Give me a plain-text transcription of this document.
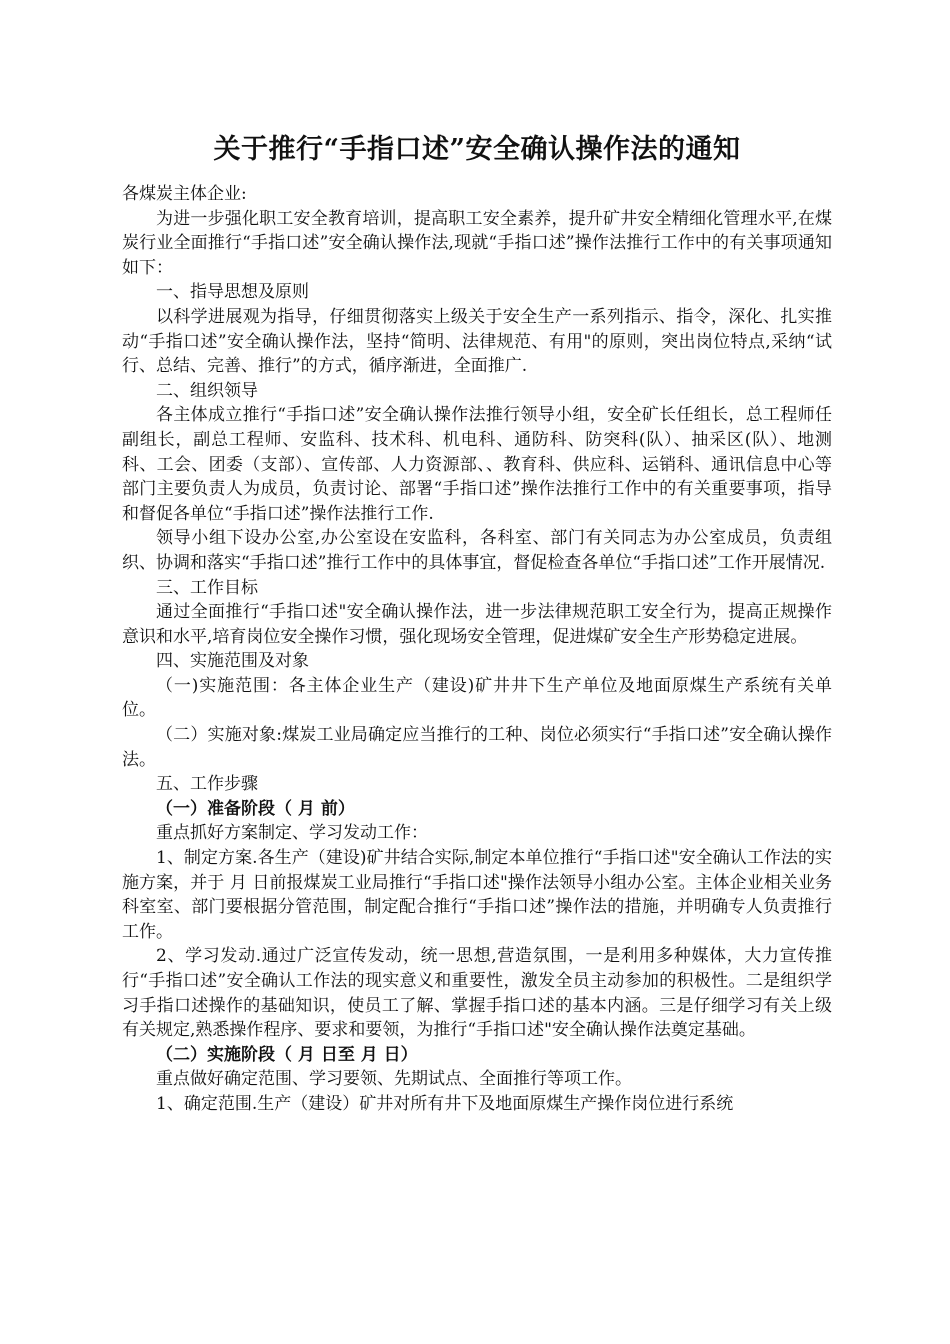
关于推行“手指口述”安全确认操作法的通知

各煤炭主体企业:

为进一步强化职工安全教育培训，提高职工安全素养，提升矿井安全精细化管理水平,在煤炭行业全面推行“手指口述”安全确认操作法,现就“手指口述”操作法推行工作中的有关事项通知如下：

一、指导思想及原则

以科学进展观为指导，仔细贯彻落实上级关于安全生产一系列指示、指令，深化、扎实推动“手指口述”安全确认操作法，坚持“简明、法律规范、有用"的原则，突出岗位特点,采纳“试行、总结、完善、推行”的方式，循序渐进，全面推广.

二、组织领导

各主体成立推行“手指口述”安全确认操作法推行领导小组，安全矿长任组长，总工程师任副组长，副总工程师、安监科、技术科、机电科、通防科、防突科(队）、抽采区(队）、地测科、工会、团委（支部）、宣传部、人力资源部、、教育科、供应科、运销科、通讯信息中心等部门主要负责人为成员，负责讨论、部署“手指口述”操作法推行工作中的有关重要事项，指导和督促各单位“手指口述”操作法推行工作.

领导小组下设办公室,办公室设在安监科，各科室、部门有关同志为办公室成员，负责组织、协调和落实“手指口述”推行工作中的具体事宜，督促检查各单位“手指口述”工作开展情况.

三、工作目标

通过全面推行“手指口述"安全确认操作法，进一步法律规范职工安全行为，提高正规操作意识和水平,培育岗位安全操作习惯，强化现场安全管理，促进煤矿安全生产形势稳定进展。

四、实施范围及对象

（一)实施范围：各主体企业生产（建设)矿井井下生产单位及地面原煤生产系统有关单位。

（二）实施对象:煤炭工业局确定应当推行的工种、岗位必须实行“手指口述”安全确认操作法。

五、工作步骤

（一）准备阶段（ 月 前）

重点抓好方案制定、学习发动工作：

1、制定方案.各生产（建设)矿井结合实际,制定本单位推行“手指口述"安全确认工作法的实施方案，并于 月 日前报煤炭工业局推行“手指口述"操作法领导小组办公室。主体企业相关业务科室室、部门要根据分管范围，制定配合推行“手指口述”操作法的措施，并明确专人负责推行工作。

2、学习发动.通过广泛宣传发动，统一思想,营造氛围，一是利用多种媒体，大力宣传推行“手指口述”安全确认工作法的现实意义和重要性，激发全员主动参加的积极性。二是组织学习手指口述操作的基础知识，使员工了解、掌握手指口述的基本内涵。三是仔细学习有关上级有关规定,熟悉操作程序、要求和要领，为推行“手指口述"安全确认操作法奠定基础。

（二）实施阶段（ 月 日至 月 日）

重点做好确定范围、学习要领、先期试点、全面推行等项工作。

1、确定范围.生产（建设）矿井对所有井下及地面原煤生产操作岗位进行系统
